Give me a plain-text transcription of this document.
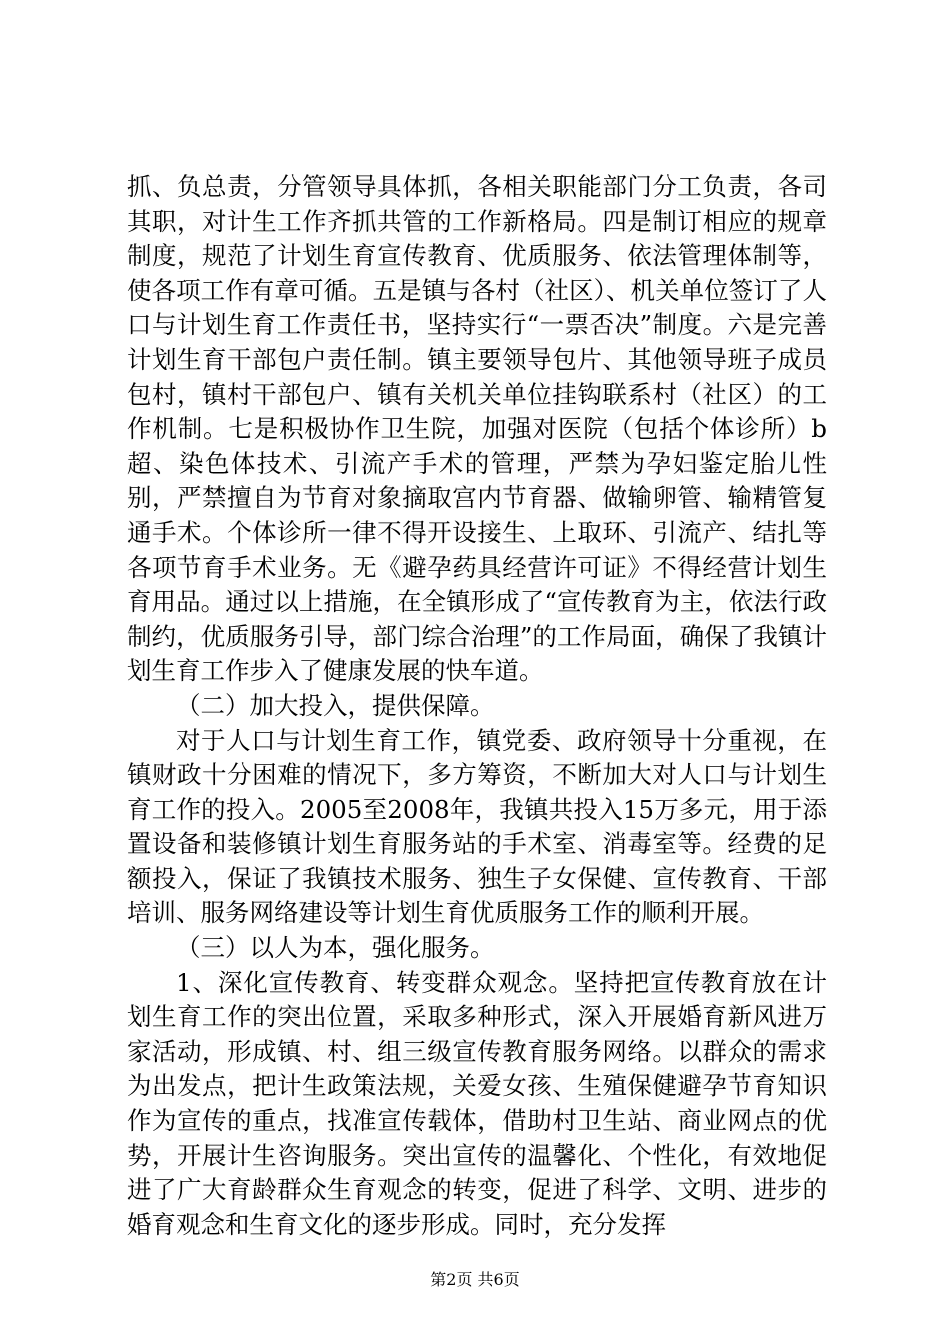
抓、负总责，分管领导具体抓，各相关职能部门分工负责，各司其职，对计生工作齐抓共管的工作新格局。四是制订相应的规章制度，规范了计划生育宣传教育、优质服务、依法管理体制等，使各项工作有章可循。五是镇与各村（社区）、机关单位签订了人口与计划生育工作责任书，坚持实行“一票否决”制度。六是完善计划生育干部包户责任制。镇主要领导包片、其他领导班子成员包村，镇村干部包户、镇有关机关单位挂钩联系村（社区）的工作机制。七是积极协作卫生院，加强对医院（包括个体诊所）b超、染色体技术、引流产手术的管理，严禁为孕妇鉴定胎儿性别，严禁擅自为节育对象摘取宫内节育器、做输卵管、输精管复通手术。个体诊所一律不得开设接生、上取环、引流产、结扎等各项节育手术业务。无《避孕药具经营许可证》不得经营计划生育用品。通过以上措施，在全镇形成了“宣传教育为主，依法行政制约，优质服务引导，部门综合治理”的工作局面，确保了我镇计划生育工作步入了健康发展的快车道。

（二）加大投入，提供保障。

对于人口与计划生育工作，镇党委、政府领导十分重视，在镇财政十分困难的情况下，多方筹资，不断加大对人口与计划生育工作的投入。2005至2008年，我镇共投入15万多元，用于添置设备和装修镇计划生育服务站的手术室、消毒室等。经费的足额投入，保证了我镇技术服务、独生子女保健、宣传教育、干部培训、服务网络建设等计划生育优质服务工作的顺利开展。

（三）以人为本，强化服务。

1、深化宣传教育、转变群众观念。坚持把宣传教育放在计划生育工作的突出位置，采取多种形式，深入开展婚育新风进万家活动，形成镇、村、组三级宣传教育服务网络。以群众的需求为出发点，把计生政策法规，关爱女孩、生殖保健避孕节育知识作为宣传的重点，找准宣传载体，借助村卫生站、商业网点的优势，开展计生咨询服务。突出宣传的温馨化、个性化，有效地促进了广大育龄群众生育观念的转变，促进了科学、文明、进步的婚育观念和生育文化的逐步形成。同时，充分发挥

第2页 共6页
